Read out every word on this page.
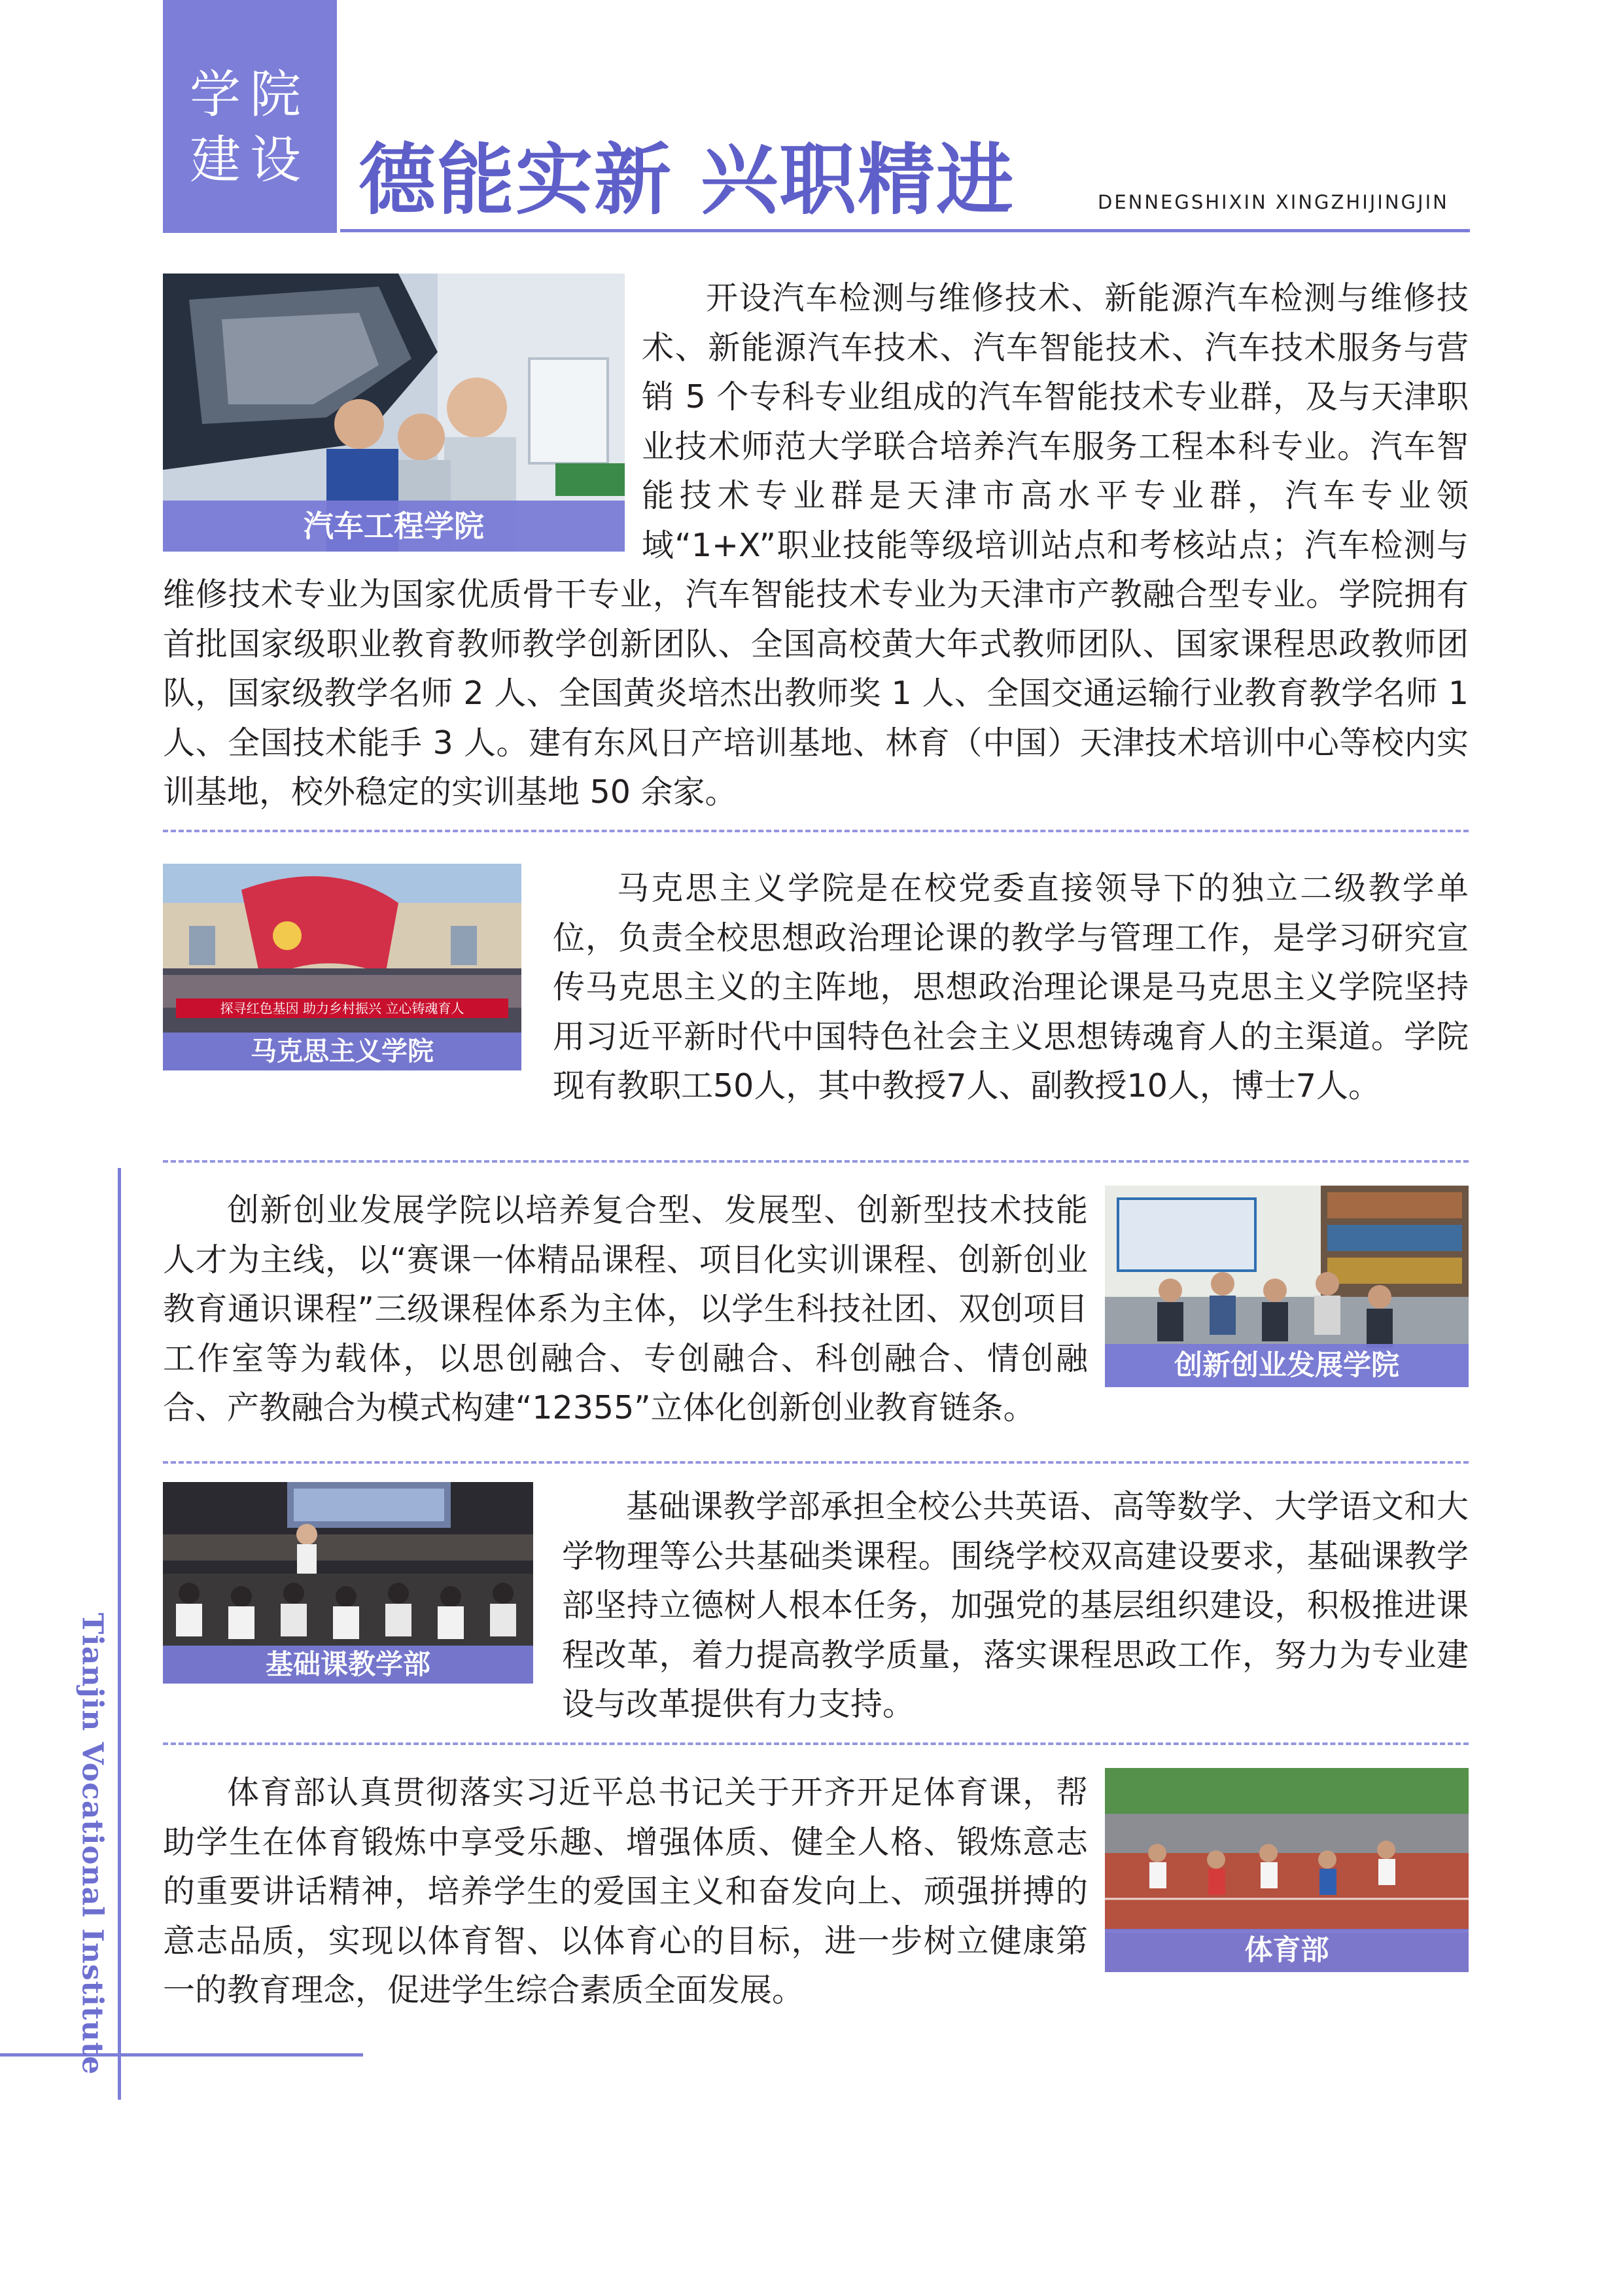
学院
建设 德能实新 兴职精进	DENNEGSHIXIN XINGZHIJINGJIN
汽车工程学院

开设汽车检测与维修技术、新能源汽车检测与维修技术、新能源汽车技术、汽车智能技术、汽车技术服务与营销 5 个专科专业组成的汽车智能技术专业群，及与天津职业技术师范大学联合培养汽车服务工程本科专业。汽车智能技术专业群是天津市高水平专业群，汽车专业领域“1+X”职业技能等级培训站点和考核站点；汽车检测与维修技术专业为国家优质骨干专业，汽车智能技术专业为天津市产教融合型专业。学院拥有首批国家级职业教育教师教学创新团队、全国高校黄大年式教师团队、国家课程思政教师团队，国家级教学名师 2 人、全国黄炎培杰出教师奖 1 人、全国交通运输行业教育教学名师 1 人、全国技术能手 3 人。建有东风日产培训基地、林育（中国）天津技术培训中心等校内实训基地，校外稳定的实训基地 50 余家。

探寻红色基因 助力乡村振兴 立心铸魂育人
马克思主义学院

马克思主义学院是在校党委直接领导下的独立二级教学单位，负责全校思想政治理论课的教学与管理工作，是学习研究宣传马克思主义的主阵地，思想政治理论课是马克思主义学院坚持用习近平新时代中国特色社会主义思想铸魂育人的主渠道。学院现有教职工50人，其中教授7人、副教授10人，博士7人。

创新创业发展学院

创新创业发展学院以培养复合型、发展型、创新型技术技能人才为主线，以“赛课一体精品课程、项目化实训课程、创新创业教育通识课程”三级课程体系为主体，以学生科技社团、双创项目工作室等为载体，以思创融合、专创融合、科创融合、情创融合、产教融合为模式构建“12355”立体化创新创业教育链条。

基础课教学部

基础课教学部承担全校公共英语、高等数学、大学语文和大学物理等公共基础类课程。围绕学校双高建设要求，基础课教学部坚持立德树人根本任务，加强党的基层组织建设，积极推进课程改革，着力提高教学质量，落实课程思政工作，努力为专业建设与改革提供有力支持。

体育部

体育部认真贯彻落实习近平总书记关于开齐开足体育课，帮助学生在体育锻炼中享受乐趣、增强体质、健全人格、锻炼意志的重要讲话精神，培养学生的爱国主义和奋发向上、顽强拼搏的意志品质，实现以体育智、以体育心的目标，进一步树立健康第一的教育理念，促进学生综合素质全面发展。

Tianjin Vocational Institute
